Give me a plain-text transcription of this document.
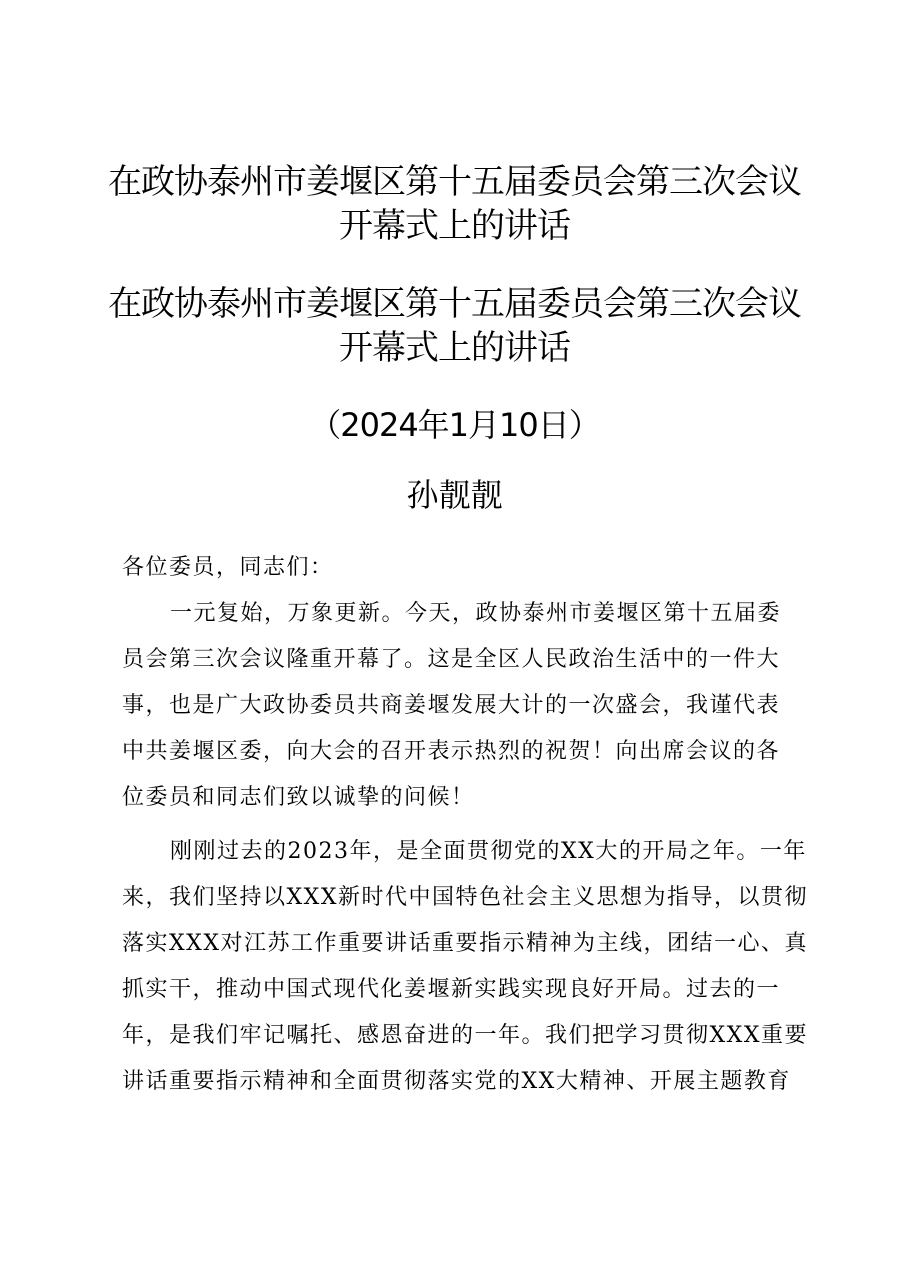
在政协泰州市姜堰区第十五届委员会第三次会议
开幕式上的讲话
在政协泰州市姜堰区第十五届委员会第三次会议
开幕式上的讲话
（2024年1月10日）
孙靓靓
各位委员，同志们：
一元复始，万象更新。今天，政协泰州市姜堰区第十五届委
员会第三次会议隆重开幕了。这是全区人民政治生活中的一件大
事，也是广大政协委员共商姜堰发展大计的一次盛会，我谨代表
中共姜堰区委，向大会的召开表示热烈的祝贺！向出席会议的各
位委员和同志们致以诚挚的问候！
刚刚过去的2023年，是全面贯彻党的XX大的开局之年。一年
来，我们坚持以XXX新时代中国特色社会主义思想为指导，以贯彻
落实XXX对江苏工作重要讲话重要指示精神为主线，团结一心、真
抓实干，推动中国式现代化姜堰新实践实现良好开局。过去的一
年，是我们牢记嘱托、感恩奋进的一年。我们把学习贯彻XXX重要
讲话重要指示精神和全面贯彻落实党的XX大精神、开展主题教育
